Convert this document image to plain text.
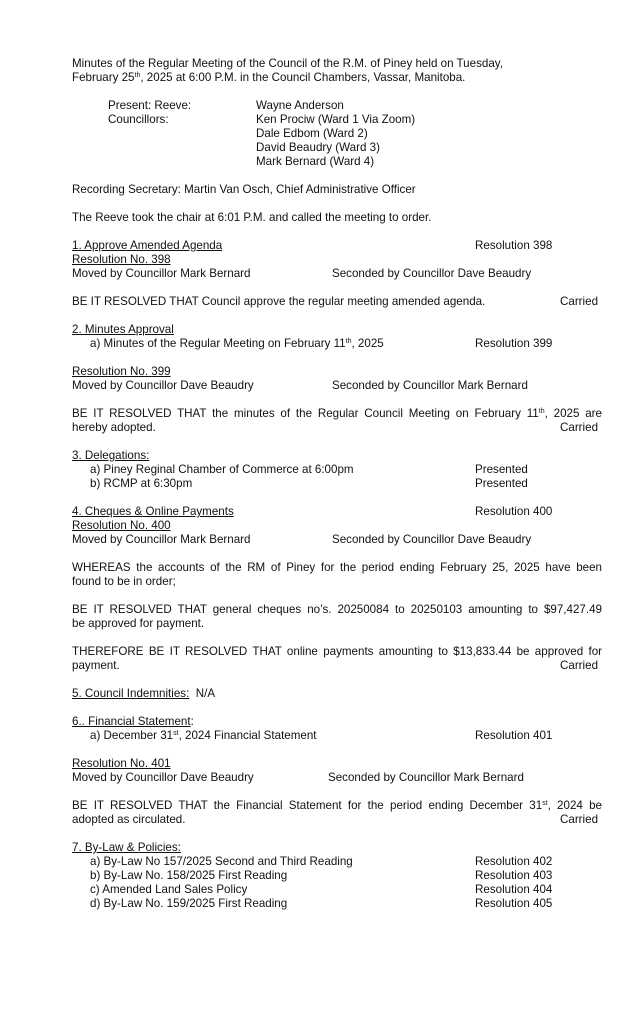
Minutes of the Regular Meeting of the Council of the R.M. of Piney held on Tuesday,
February 25th, 2025 at 6:00 P.M. in the Council Chambers, Vassar, Manitoba.
Present: Reeve:	Wayne Anderson
Councillors:	Ken Prociw (Ward 1 Via Zoom)
Dale Edbom (Ward 2)
David Beaudry (Ward 3)
Mark Bernard (Ward 4)
Recording Secretary: Martin Van Osch, Chief Administrative Officer
The Reeve took the chair at 6:01 P.M. and called the meeting to order.
1. Approve Amended Agenda	Resolution 398
Resolution No. 398
Moved by Councillor Mark Bernard	Seconded by Councillor Dave Beaudry
BE IT RESOLVED THAT Council approve the regular meeting amended agenda.	Carried
2. Minutes Approval
a) Minutes of the Regular Meeting on February 11th, 2025	Resolution 399
Resolution No. 399
Moved by Councillor Dave Beaudry	Seconded by Councillor Mark Bernard
BE IT RESOLVED THAT the minutes of the Regular Council Meeting on February 11th, 2025 are
hereby adopted.	Carried
3. Delegations:
a) Piney Reginal Chamber of Commerce at 6:00pm	Presented
b) RCMP at 6:30pm	Presented
4. Cheques & Online Payments	Resolution 400
Resolution No. 400
Moved by Councillor Mark Bernard	Seconded by Councillor Dave Beaudry
WHEREAS the accounts of the RM of Piney for the period ending February 25, 2025 have been
found to be in order;
BE IT RESOLVED THAT general cheques no’s. 20250084 to 20250103 amounting to $97,427.49
be approved for payment.
THEREFORE BE IT RESOLVED THAT online payments amounting to $13,833.44 be approved for
payment.	Carried
5. Council Indemnities: N/A
6.. Financial Statement:
a) December 31st, 2024 Financial Statement	Resolution 401
Resolution No. 401
Moved by Councillor Dave Beaudry	Seconded by Councillor Mark Bernard
BE IT RESOLVED THAT the Financial Statement for the period ending December 31st, 2024 be
adopted as circulated.	Carried
7. By-Law & Policies:
a) By-Law No 157/2025 Second and Third Reading	Resolution 402
b) By-Law No. 158/2025 First Reading	Resolution 403
c) Amended Land Sales Policy	Resolution 404
d) By-Law No. 159/2025 First Reading	Resolution 405
